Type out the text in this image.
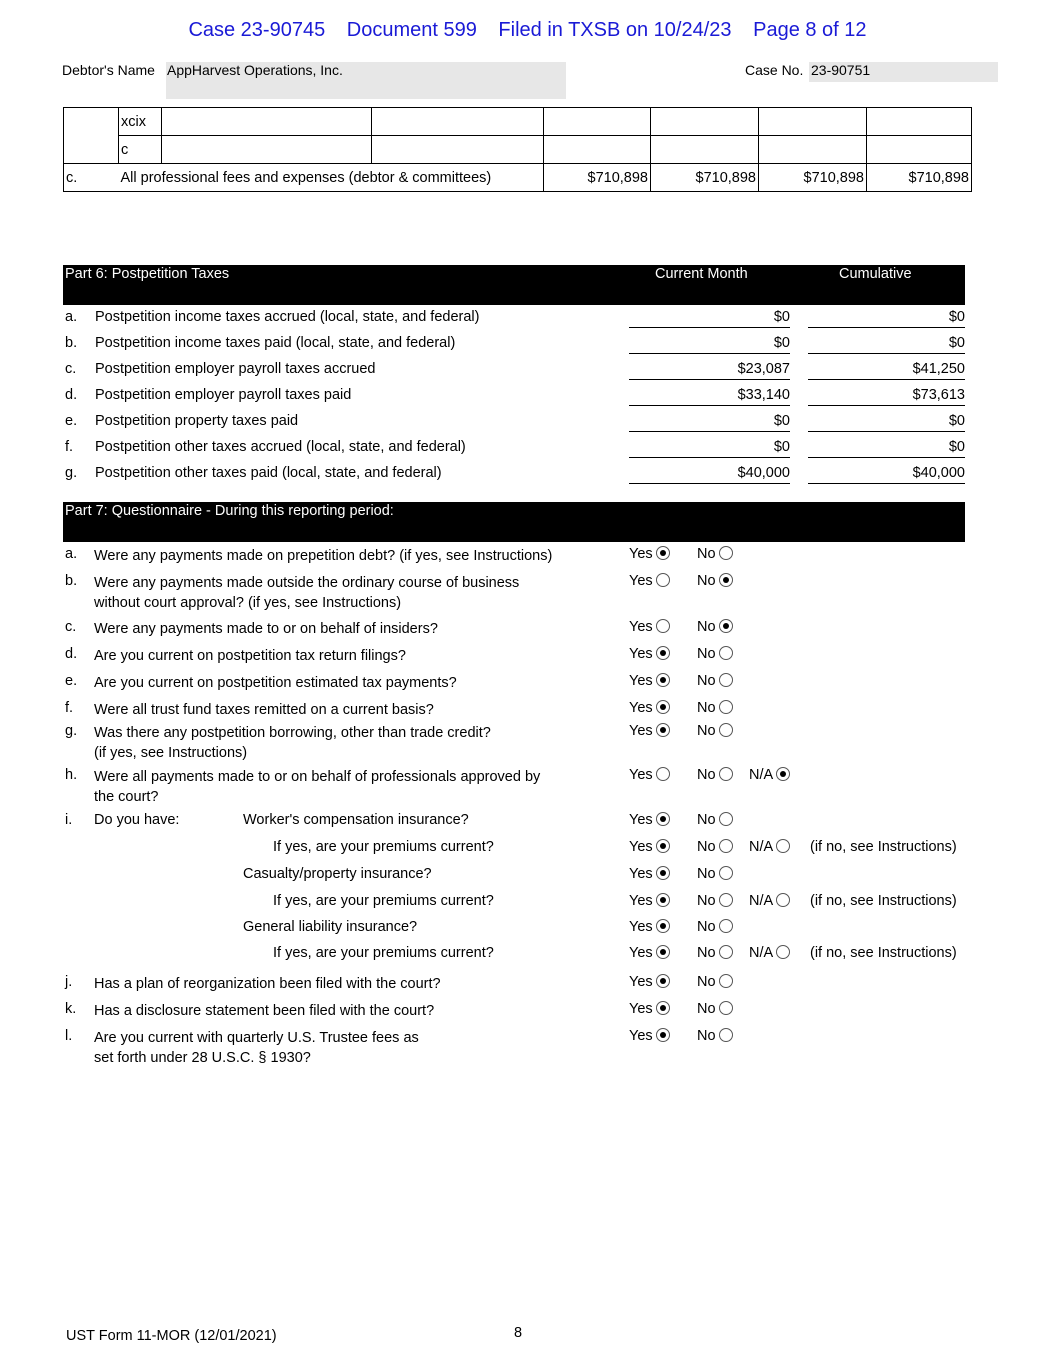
Case 23-90745 Document 599 Filed in TXSB on 10/24/23 Page 8 of 12
Debtor's Name AppHarvest Operations, Inc.	Case No. 23-90751
	xcix						
	c						
c.	All professional fees and expenses (debtor & committees)			$710,898	$710,898	$710,898	$710,898
Part 6: Postpetition Taxes	Current Month	Cumulative
a. Postpetition income taxes accrued (local, state, and federal)	$0	$0
b. Postpetition income taxes paid (local, state, and federal)	$0	$0
c. Postpetition employer payroll taxes accrued	$23,087	$41,250
d. Postpetition employer payroll taxes paid	$33,140	$73,613
e. Postpetition property taxes paid	$0	$0
f. Postpetition other taxes accrued (local, state, and federal)	$0	$0
g. Postpetition other taxes paid (local, state, and federal)	$40,000	$40,000
Part 7: Questionnaire - During this reporting period:
a. Were any payments made on prepetition debt? (if yes, see Instructions)	Yes	No
b. Were any payments made outside the ordinary course of business
without court approval? (if yes, see Instructions)
Yes	No
c. Were any payments made to or on behalf of insiders?	Yes	No
d. Are you current on postpetition tax return filings?	Yes	No
e. Are you current on postpetition estimated tax payments?	Yes	No
f. Were all trust fund taxes remitted on a current basis?	Yes	No
g. Was there any postpetition borrowing, other than trade credit?
(if yes, see Instructions)
Yes	No
h. Were all payments made to or on behalf of professionals approved by
the court?
Yes	No	N/A
i. Do you have:	Worker's compensation insurance?	Yes	No
If yes, are your premiums current?	Yes	No	N/A	(if no, see Instructions)
Casualty/property insurance?	Yes	No
If yes, are your premiums current?	Yes	No	N/A	(if no, see Instructions)
General liability insurance?	Yes	No
If yes, are your premiums current?	Yes	No	N/A	(if no, see Instructions)
j. Has a plan of reorganization been filed with the court?	Yes	No
k. Has a disclosure statement been filed with the court?	Yes	No
l. Are you current with quarterly U.S. Trustee fees as
set forth under 28 U.S.C. § 1930?
Yes	No
UST Form 11-MOR (12/01/2021)	8
